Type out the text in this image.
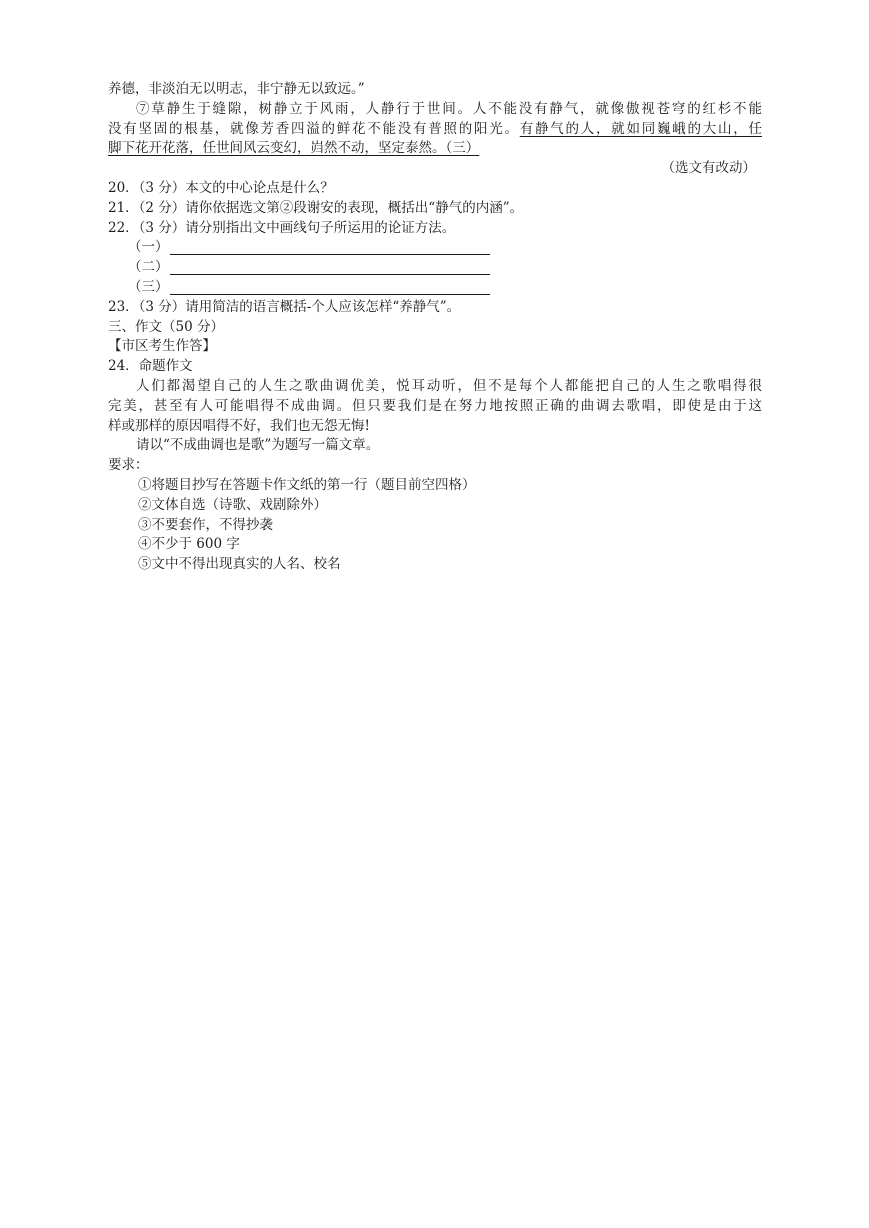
养德，非淡泊无以明志，非宁静无以致远。”
⑦草静生于缝隙，树静立于风雨，人静行于世间。人不能没有静气，就像傲视苍穹的红杉不能
没有坚固的根基，就像芳香四溢的鲜花不能没有普照的阳光。有静气的人，就如同巍峨的大山，任
脚下花开花落，任世间风云变幻，岿然不动，坚定泰然。（三）
（选文有改动）
20．（3 分）本文的中心论点是什么？
21．（2 分）请你依据选文第②段谢安的表现，概括出“静气的内涵”。
22．（3 分）请分别指出文中画线句子所运用的论证方法。
（一）
（二）
（三）
23．（3 分）请用简洁的语言概括-个人应该怎样“养静气”。
三、作文（50 分）
【市区考生作答】
24．命题作文
人们都渴望自己的人生之歌曲调优美，悦耳动听，但不是每个人都能把自己的人生之歌唱得很
完美，甚至有人可能唱得不成曲调。但只要我们是在努力地按照正确的曲调去歌唱，即使是由于这
样或那样的原因唱得不好，我们也无怨无悔!
请以“不成曲调也是歌”为题写一篇文章。
要求：
①将题目抄写在答题卡作文纸的第一行（题目前空四格）
②文体自选（诗歌、戏剧除外）
③不要套作，不得抄袭
④不少于 600 字
⑤文中不得出现真实的人名、校名
